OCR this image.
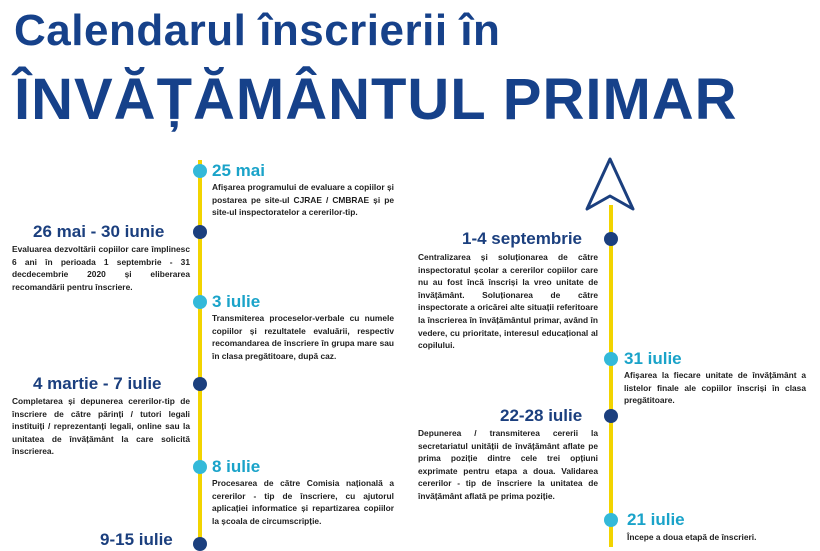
Calendarul înscrierii în
ÎNVĂȚĂMÂNTUL PRIMAR
25 mai
Afișarea programului de evaluare a copiilor și postarea pe site-ul CJRAE / CMBRAE și pe site-ul inspectoratelor a cererilor-tip.
26 mai - 30 iunie
Evaluarea dezvoltării copiilor care împlinesc 6 ani în perioada 1 septembrie - 31 decdecembrie 2020 și eliberarea recomandării pentru înscriere.
3 iulie
Transmiterea proceselor-verbale cu numele copiilor și rezultatele evaluării, respectiv recomandarea de înscriere în grupa mare sau în clasa pregătitoare, după caz.
4 martie - 7 iulie
Completarea și depunerea cererilor-tip de înscriere de către părinți / tutori legali instituiți / reprezentanți legali, online sau la unitatea de învățământ la care solicită înscrierea.
8 iulie
Procesarea de către Comisia națională a cererilor - tip de înscriere, cu ajutorul aplicației informatice și repartizarea copiilor la școala de circumscripție.
9-15 iulie
1-4 septembrie
Centralizarea și soluționarea de către inspectoratul școlar a cererilor copiilor care nu au fost încă înscriși la vreo unitate de învățământ. Soluționarea de către inspectorate a oricărei alte situații referitoare la înscrierea în învățământul primar, având în vedere, cu prioritate, interesul educațional al copilului.
31 iulie
Afișarea la fiecare unitate de învățământ a listelor finale ale copiilor înscriși în clasa pregătitoare.
22-28 iulie
Depunerea / transmiterea cererii la secretariatul unității de învățământ aflate pe prima poziție dintre cele trei opțiuni exprimate pentru etapa a doua. Validarea cererilor - tip de înscriere la unitatea de învățământ aflată pe prima poziție.
21 iulie
Începe a doua etapă de înscrieri.
